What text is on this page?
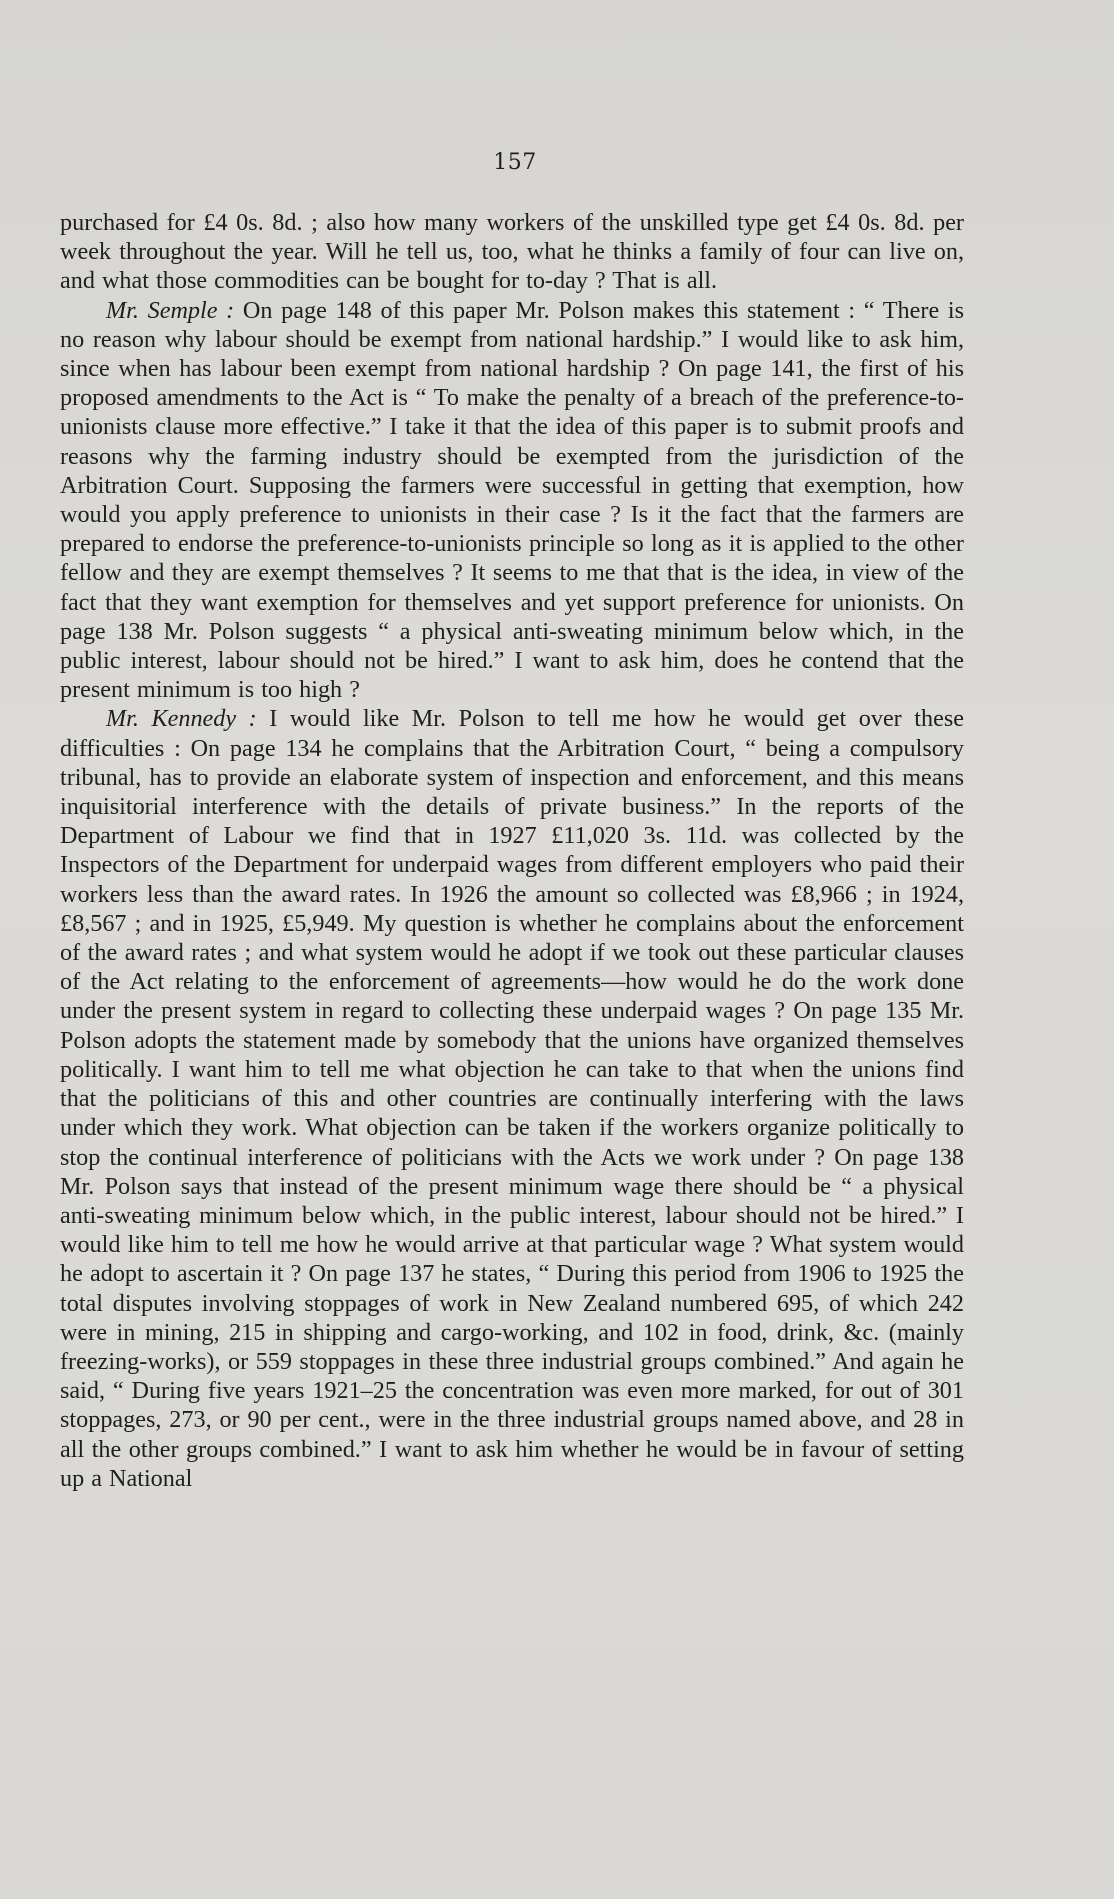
157

purchased for £4 0s. 8d. ; also how many workers of the unskilled type get £4 0s. 8d. per week throughout the year. Will he tell us, too, what he thinks a family of four can live on, and what those commodities can be bought for to-day ? That is all.

Mr. Semple : On page 148 of this paper Mr. Polson makes this statement : “ There is no reason why labour should be exempt from national hardship.” I would like to ask him, since when has labour been exempt from national hardship ? On page 141, the first of his proposed amendments to the Act is “ To make the penalty of a breach of the preference-to-unionists clause more effective.” I take it that the idea of this paper is to submit proofs and reasons why the farming industry should be exempted from the jurisdiction of the Arbitration Court. Supposing the farmers were successful in getting that exemption, how would you apply preference to unionists in their case ? Is it the fact that the farmers are prepared to endorse the preference-to-unionists principle so long as it is applied to the other fellow and they are exempt themselves ? It seems to me that that is the idea, in view of the fact that they want exemption for themselves and yet support preference for unionists. On page 138 Mr. Polson suggests “ a physical anti-sweating minimum below which, in the public interest, labour should not be hired.” I want to ask him, does he contend that the present minimum is too high ?

Mr. Kennedy : I would like Mr. Polson to tell me how he would get over these difficulties : On page 134 he complains that the Arbitration Court, “ being a compulsory tribunal, has to provide an elaborate system of inspection and enforcement, and this means inquisitorial interference with the details of private business.” In the reports of the Department of Labour we find that in 1927 £11,020 3s. 11d. was collected by the Inspectors of the Department for underpaid wages from different employers who paid their workers less than the award rates. In 1926 the amount so collected was £8,966 ; in 1924, £8,567 ; and in 1925, £5,949. My question is whether he complains about the enforcement of the award rates ; and what system would he adopt if we took out these particular clauses of the Act relating to the enforcement of agreements—how would he do the work done under the present system in regard to collecting these underpaid wages ? On page 135 Mr. Polson adopts the statement made by somebody that the unions have organized themselves politically. I want him to tell me what objection he can take to that when the unions find that the politicians of this and other countries are continually interfering with the laws under which they work. What objection can be taken if the workers organize politically to stop the continual interference of politicians with the Acts we work under ? On page 138 Mr. Polson says that instead of the present minimum wage there should be “ a physical anti-sweating minimum below which, in the public interest, labour should not be hired.” I would like him to tell me how he would arrive at that particular wage ? What system would he adopt to ascertain it ? On page 137 he states, “ During this period from 1906 to 1925 the total disputes involving stoppages of work in New Zealand numbered 695, of which 242 were in mining, 215 in shipping and cargo-working, and 102 in food, drink, &c. (mainly freezing-works), or 559 stoppages in these three industrial groups combined.” And again he said, “ During five years 1921–25 the concentration was even more marked, for out of 301 stoppages, 273, or 90 per cent., were in the three industrial groups named above, and 28 in all the other groups combined.” I want to ask him whether he would be in favour of setting up a National
